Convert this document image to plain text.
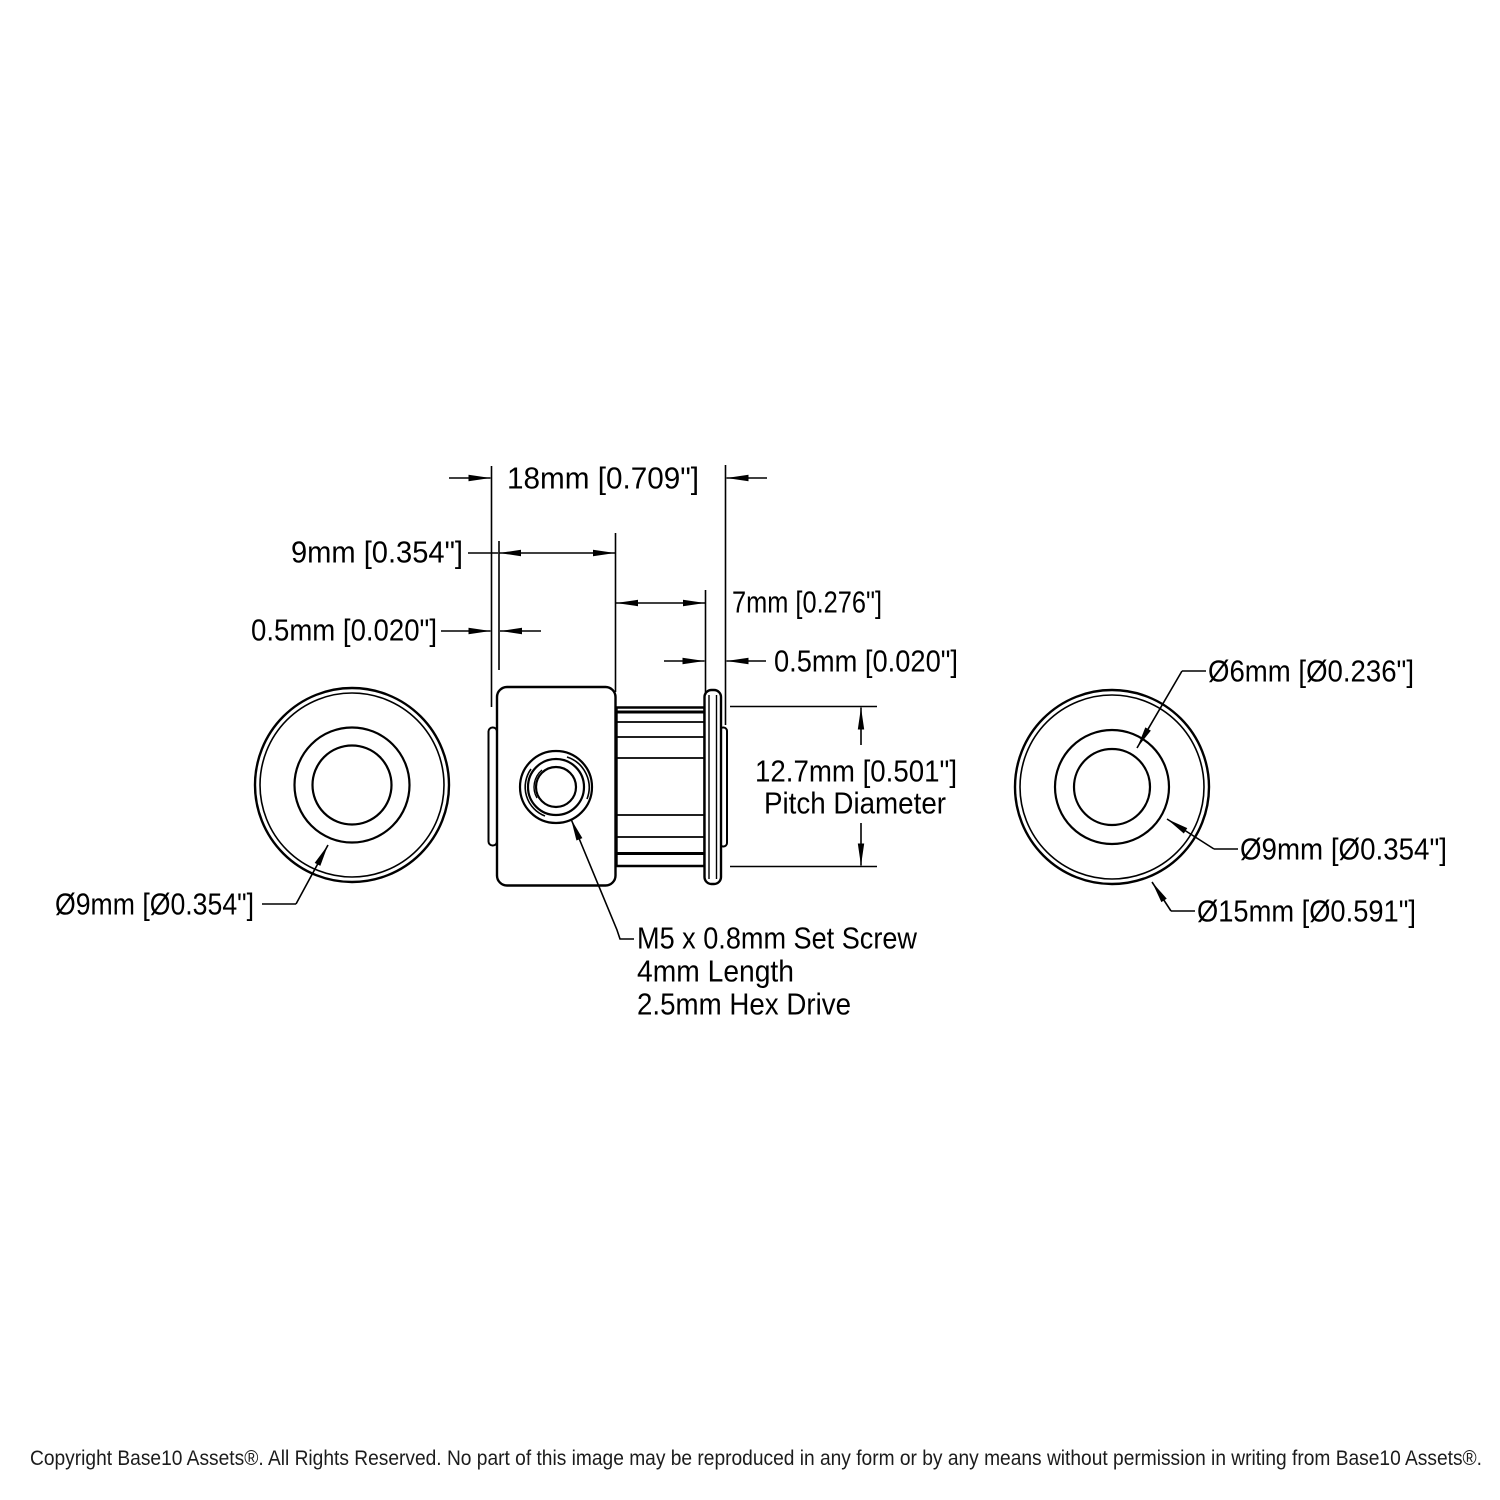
Ø9mm [Ø0.354"]
18mm [0.709"]
9mm [0.354"]
7mm [0.276"]
0.5mm [0.020"]
0.5mm [0.020"]
12.7mm [0.501"]
Pitch Diameter
M5 x 0.8mm Set Screw
4mm Length
2.5mm Hex Drive
Ø6mm [Ø0.236"]
Ø9mm [Ø0.354"]
Ø15mm [Ø0.591"]
Copyright Base10 Assets®. All Rights Reserved. No part of this image may be reproduced in any form or by any means without permission in writing from Base10 Assets®.
